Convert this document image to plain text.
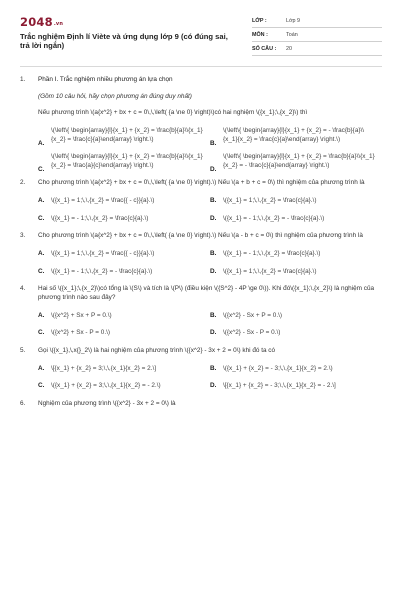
2048.vn
Trắc nghiệm Định lí Viète và ứng dụng lớp 9 (có đúng sai, trả lời ngắn)
LỚP :	Lớp 9
MÔN :	Toán
SỐ CÂU :	20
1.	Phần I. Trắc nghiệm nhiều phương án lựa chọn
(Gồm 10 câu hỏi, hãy chọn phương án đúng duy nhất)
Nếu phương trình \(a{x^2} + bx + c = 0\,\,\left( {a \ne 0} \right)\)có hai nghiệm \({x_1};\,{x_2}\) thì
A.
\(\left\{ \begin{array}{l}{x_1} + {x_2} = \frac{b}{a}\\{x_1}{x_2} = \frac{c}{a}\end{array} \right.\)
B.
\(\left\{ \begin{array}{l}{x_1} + {x_2} = - \frac{b}{a}\\{x_1}{x_2} = \frac{c}{a}\end{array} \right.\)
C.
\(\left\{ \begin{array}{l}{x_1} + {x_2} = \frac{b}{a}\\{x_1}{x_2} = \frac{a}{c}\end{array} \right.\)
D.
\(\left\{ \begin{array}{l}{x_1} + {x_2} = \frac{b}{a}\\{x_1}{x_2} = - \frac{c}{a}\end{array} \right.\)
2.	Cho phương trình \(a{x^2} + bx + c = 0\,\,\left( {a \ne 0} \right).\) Nếu \(a + b + c = 0\) thì nghiệm của phương trình là
A. \({x_1} = 1;\,\,{x_2} = \frac{{ - c}}{a}.\)	B. \({x_1} = 1;\,\,{x_2} = \frac{c}{a}.\)
C. \({x_1} = - 1;\,\,{x_2} = \frac{c}{a}.\)	D. \({x_1} = - 1;\,\,{x_2} = - \frac{c}{a}.\)
3.	Cho phương trình \(a{x^2} + bx + c = 0\,\,\left( {a \ne 0} \right).\) Nếu \(a - b + c = 0\) thì nghiệm của phương trình là
A. \({x_1} = 1;\,\,{x_2} = \frac{{ - c}}{a}.\)	B. \({x_1} = - 1;\,\,{x_2} = \frac{c}{a}.\)
C. \({x_1} = - 1;\,\,{x_2} = - \frac{c}{a}.\)	D. \({x_1} = 1;\,\,{x_2} = \frac{c}{a}.\)
4.	Hai số \({x_1};\,{x_2}\)có tổng là \(S\) và tích là \(P\) (điều kiện \({S^2} - 4P \ge 0\)). Khi đó\({x_1};\,{x_2}\) là nghiệm của phương trình nào sau đây?
A. \({x^2} + Sx + P = 0.\)	B. \({x^2} - Sx + P = 0.\)
C. \({x^2} + Sx - P = 0.\)	D. \({x^2} - Sx - P = 0.\)
5.	Gọi \({x_1},\,x{}_2\) là hai nghiệm của phương trình \({x^2} - 3x + 2 = 0\) khi đó ta có
A. \[{x_1} + {x_2} = 3;\,\,{x_1}{x_2} = 2.\]	B. \({x_1} + {x_2} = - 3;\,\,{x_1}{x_2} = 2.\)
C. \({x_1} + {x_2} = 3;\,\,{x_1}{x_2} = - 2.\)	D. \[{x_1} + {x_2} = - 3;\,\,{x_1}{x_2} = - 2.\]
6.	Nghiệm của phương trình \({x^2} - 3x + 2 = 0\) là
